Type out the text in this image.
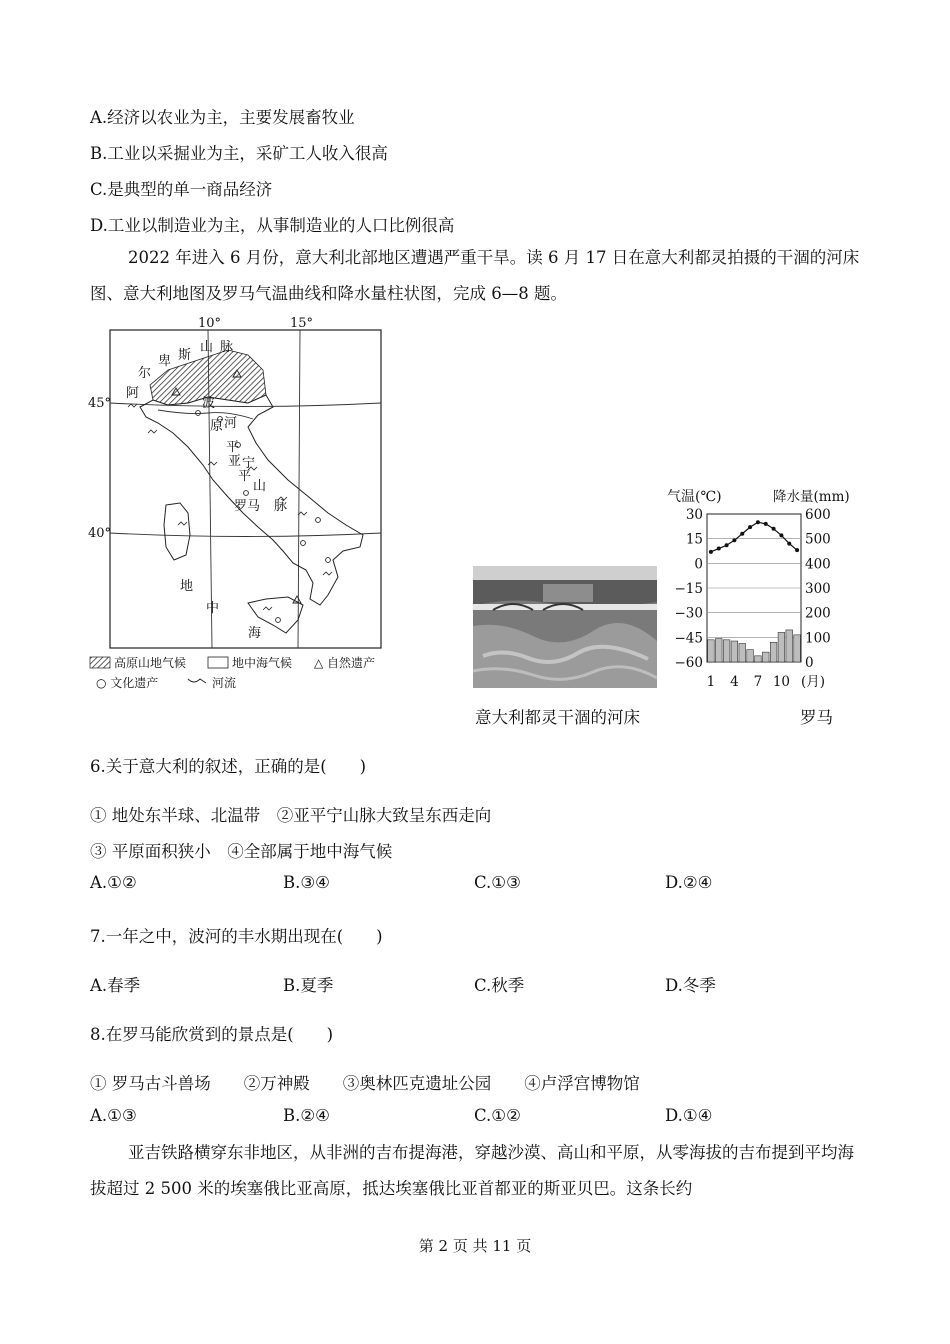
A.经济以农业为主，主要发展畜牧业
B.工业以采掘业为主，采矿工人收入很高
C.是典型的单一商品经济
D.工业以制造业为主，从事制造业的人口比例很高
2022 年进入 6 月份，意大利北部地区遭遇严重干旱。读 6 月 17 日在意大利都灵拍摄的干涸的河床图、意大利地图及罗马气温曲线和降水量柱状图，完成 6—8 题。
10°	15°
45°
40°
阿
尔
卑 斯
山 脉
波
河
平
原
亚
平
宁
山
脉
罗马
地
中
海
高原山地气候	地中海气候 △ 自然遗产
○ 文化遗产	河流
气温(℃)	降水量(mm)
30
15
0
−15
−30
−45
−60
600
500
400
300
200
100
0
1 4 7 10 (月)
意大利都灵干涸的河床	罗马
6.关于意大利的叙述，正确的是(　　)
① 地处东半球、北温带　②亚平宁山脉大致呈东西走向
③ 平原面积狭小　④全部属于地中海气候
A.①②	B.③④	C.①③	D.②④
7.一年之中，波河的丰水期出现在(　　)
A.春季	B.夏季	C.秋季	D.冬季
8.在罗马能欣赏到的景点是(　　)
① 罗马古斗兽场　　②万神殿　　③奥林匹克遗址公园　　④卢浮宫博物馆
A.①③	B.②④	C.①②	D.①④
亚吉铁路横穿东非地区，从非洲的吉布提海港，穿越沙漠、高山和平原，从零海拔的吉布提到平均海拔超过 2 500 米的埃塞俄比亚高原，抵达埃塞俄比亚首都亚的斯亚贝巴。这条长约
第 2 页 共 11 页
